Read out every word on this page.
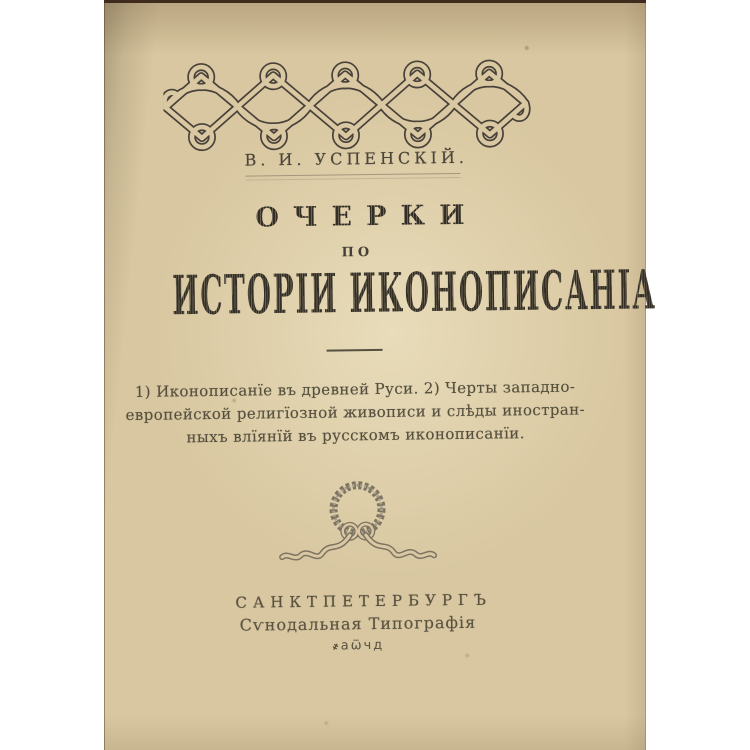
В. И. УСПЕНСКІЙ.
ОЧЕРКИ
ПО
ИСТОРІИ ИКОНОПИСАНІА
1) Иконописанїе въ древней Руси. 2) Черты западно-
европейской религїозной живописи и слѣды иностран-
ныхъ влїянїй въ русскомъ иконописанїи.
САНКТПЕТЕРБУРГЪ
Сѵнодальная Типографія
҂аѿчд
